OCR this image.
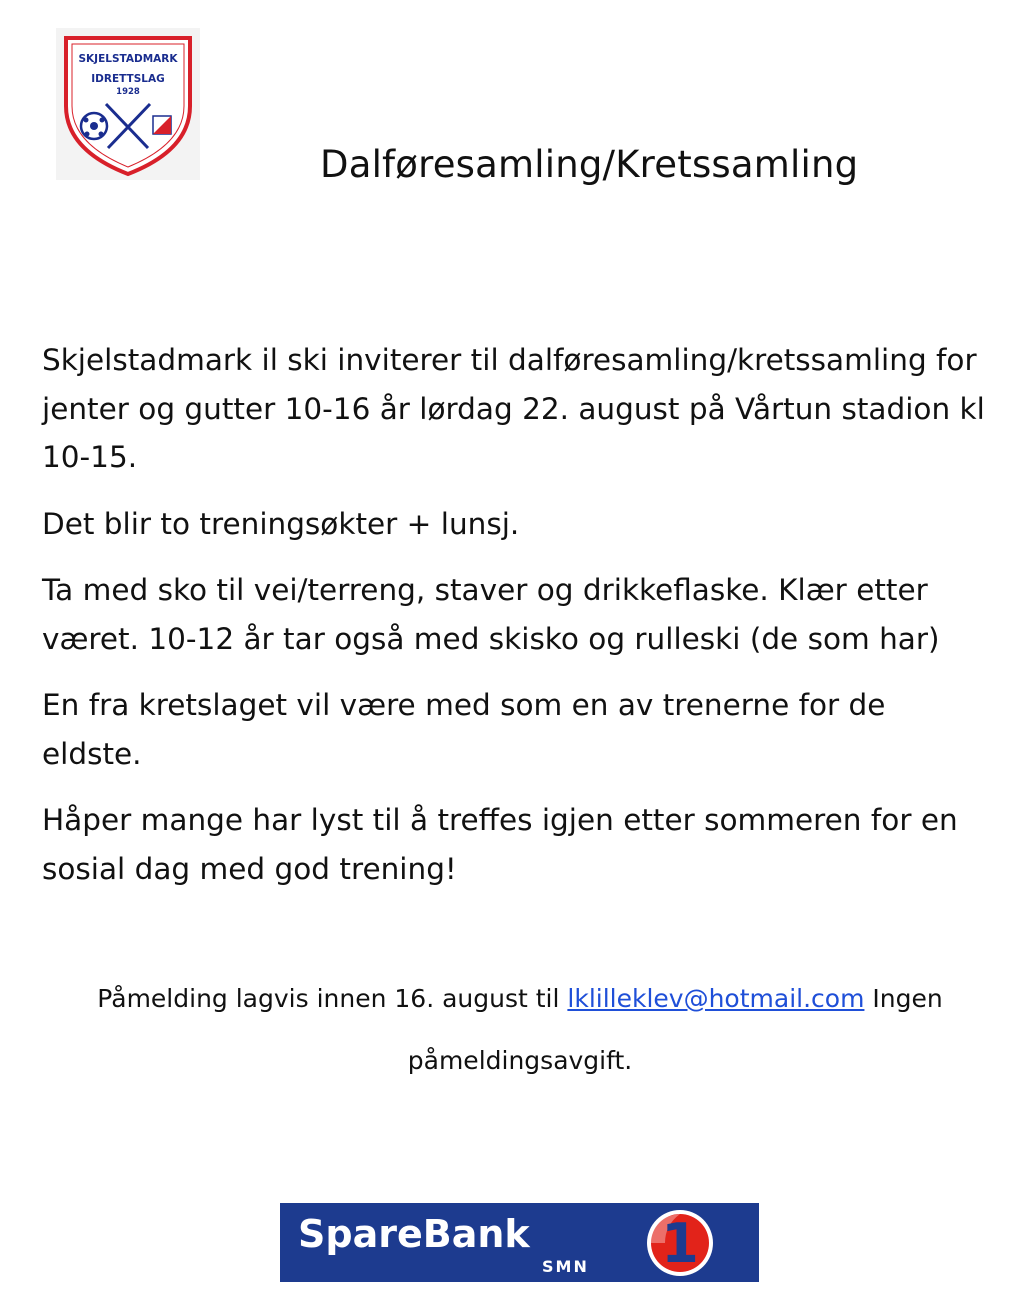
SKJELSTADMARK
IDRETTSLAG
1928
Dalføresamling/Kretssamling

Skjelstadmark il ski inviterer til dalføresamling/kretssamling for jenter og gutter 10-16 år lørdag 22. august på Vårtun stadion kl 10-15.

Det blir to treningsøkter + lunsj.

Ta med sko til vei/terreng, staver og drikkeflaske. Klær etter været. 10-12 år tar også med skisko og rulleski (de som har)

En fra kretslaget vil være med som en av trenerne for de eldste.

Håper mange har lyst til å treffes igjen etter sommeren for en sosial dag med god trening!

Påmelding lagvis innen 16. august til lklilleklev@hotmail.com Ingen påmeldingsavgift.
SpareBank
SMN 1
